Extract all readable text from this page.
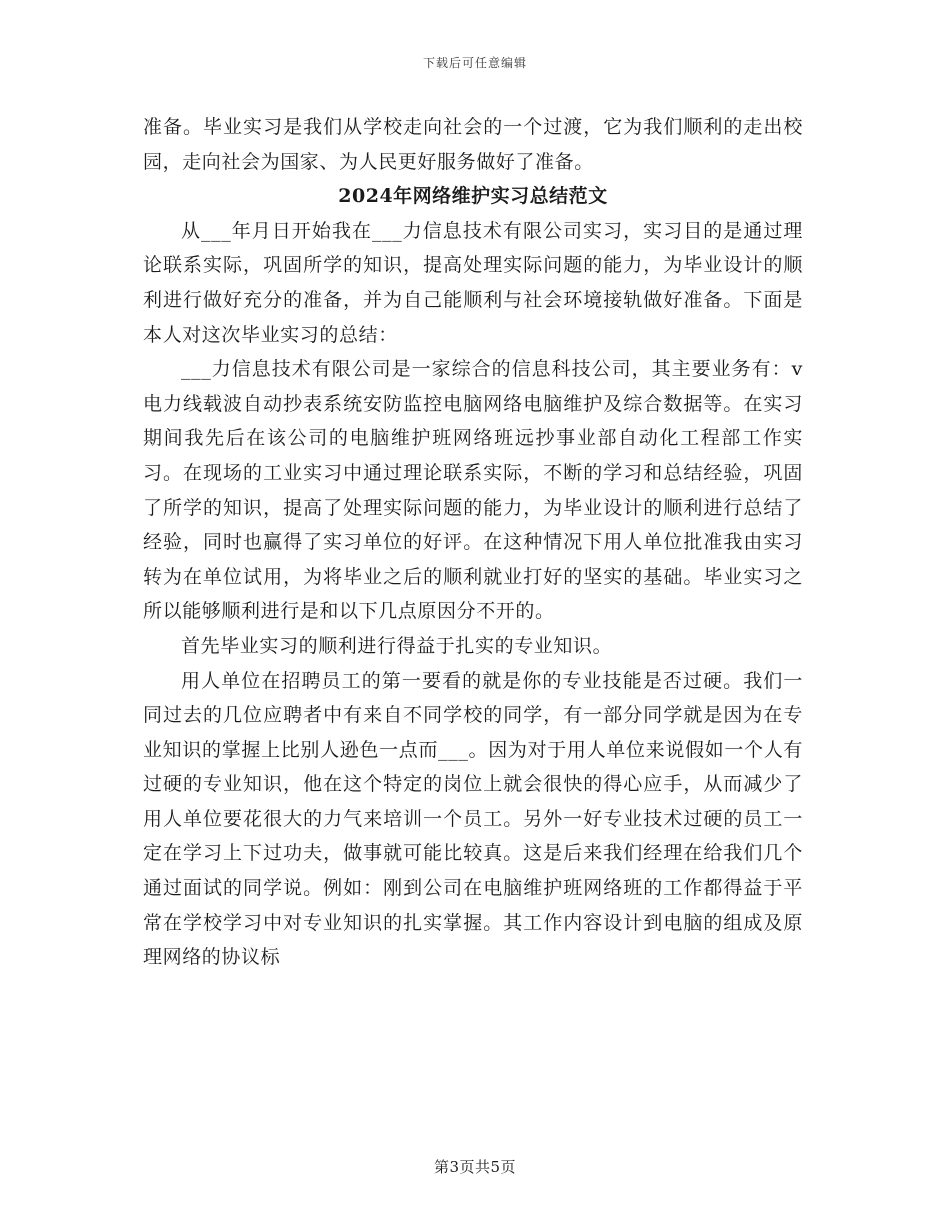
下载后可任意编辑

准备。毕业实习是我们从学校走向社会的一个过渡，它为我们顺利的走出校园，走向社会为国家、为人民更好服务做好了准备。

2024年网络维护实习总结范文

从___年月日开始我在___力信息技术有限公司实习，实习目的是通过理论联系实际，巩固所学的知识，提高处理实际问题的能力，为毕业设计的顺利进行做好充分的准备，并为自己能顺利与社会环境接轨做好准备。下面是本人对这次毕业实习的总结：

___力信息技术有限公司是一家综合的信息科技公司，其主要业务有：v电力线载波自动抄表系统安防监控电脑网络电脑维护及综合数据等。在实习期间我先后在该公司的电脑维护班网络班远抄事业部自动化工程部工作实习。在现场的工业实习中通过理论联系实际，不断的学习和总结经验，巩固了所学的知识，提高了处理实际问题的能力，为毕业设计的顺利进行总结了经验，同时也赢得了实习单位的好评。在这种情况下用人单位批准我由实习转为在单位试用，为将毕业之后的顺利就业打好的坚实的基础。毕业实习之所以能够顺利进行是和以下几点原因分不开的。

首先毕业实习的顺利进行得益于扎实的专业知识。

用人单位在招聘员工的第一要看的就是你的专业技能是否过硬。我们一同过去的几位应聘者中有来自不同学校的同学，有一部分同学就是因为在专业知识的掌握上比别人逊色一点而___。因为对于用人单位来说假如一个人有过硬的专业知识，他在这个特定的岗位上就会很快的得心应手，从而减少了用人单位要花很大的力气来培训一个员工。另外一好专业技术过硬的员工一定在学习上下过功夫，做事就可能比较真。这是后来我们经理在给我们几个通过面试的同学说。例如：刚到公司在电脑维护班网络班的工作都得益于平常在学校学习中对专业知识的扎实掌握。其工作内容设计到电脑的组成及原理网络的协议标

第3页共5页
